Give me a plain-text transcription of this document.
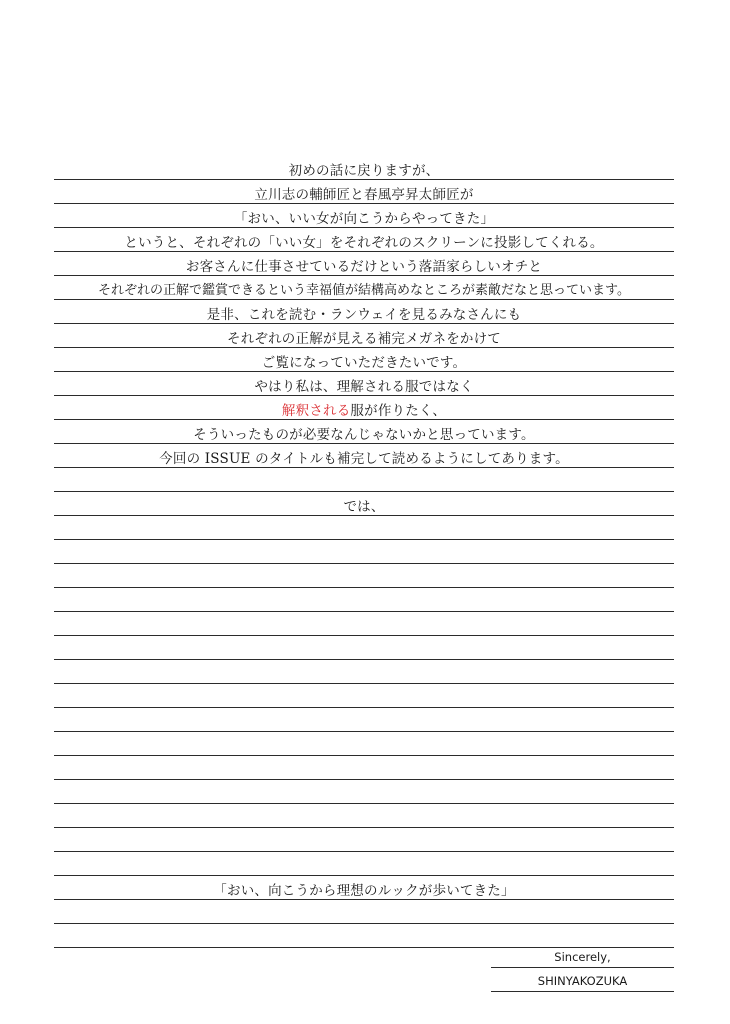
初めの話に戻りますが、
立川志の輔師匠と春風亭昇太師匠が
「おい、いい女が向こうからやってきた」
というと、それぞれの「いい女」をそれぞれのスクリーンに投影してくれる。
お客さんに仕事させているだけという落語家らしいオチと
それぞれの正解で鑑賞できるという幸福値が結構高めなところが素敵だなと思っています。
是非、これを読む・ランウェイを見るみなさんにも
それぞれの正解が見える補完メガネをかけて
ご覧になっていただきたいです。
やはり私は、理解される服ではなく
解釈される服が作りたく、
そういったものが必要なんじゃないかと思っています。
今回の ISSUE のタイトルも補完して読めるようにしてあります。
では、
「おい、向こうから理想のルックが歩いてきた」
Sincerely,
SHINYAKOZUKA
